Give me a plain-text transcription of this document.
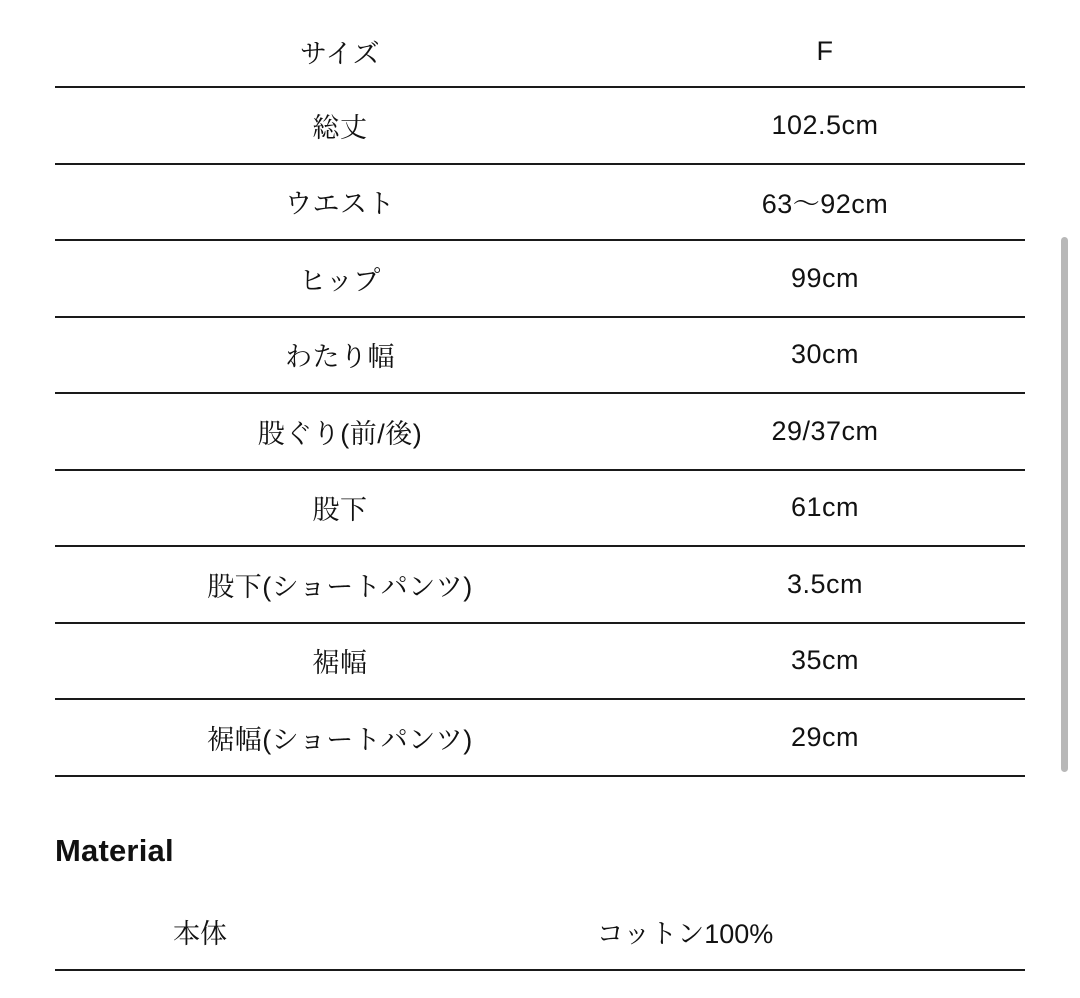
サイズ	F
総丈	102.5cm
ウエスト	63〜92cm
ヒップ	99cm
わたり幅	30cm
股ぐり(前/後)	29/37cm
股下	61cm
股下(ショートパンツ)	3.5cm
裾幅	35cm
裾幅(ショートパンツ)	29cm
Material
本体	コットン100%
